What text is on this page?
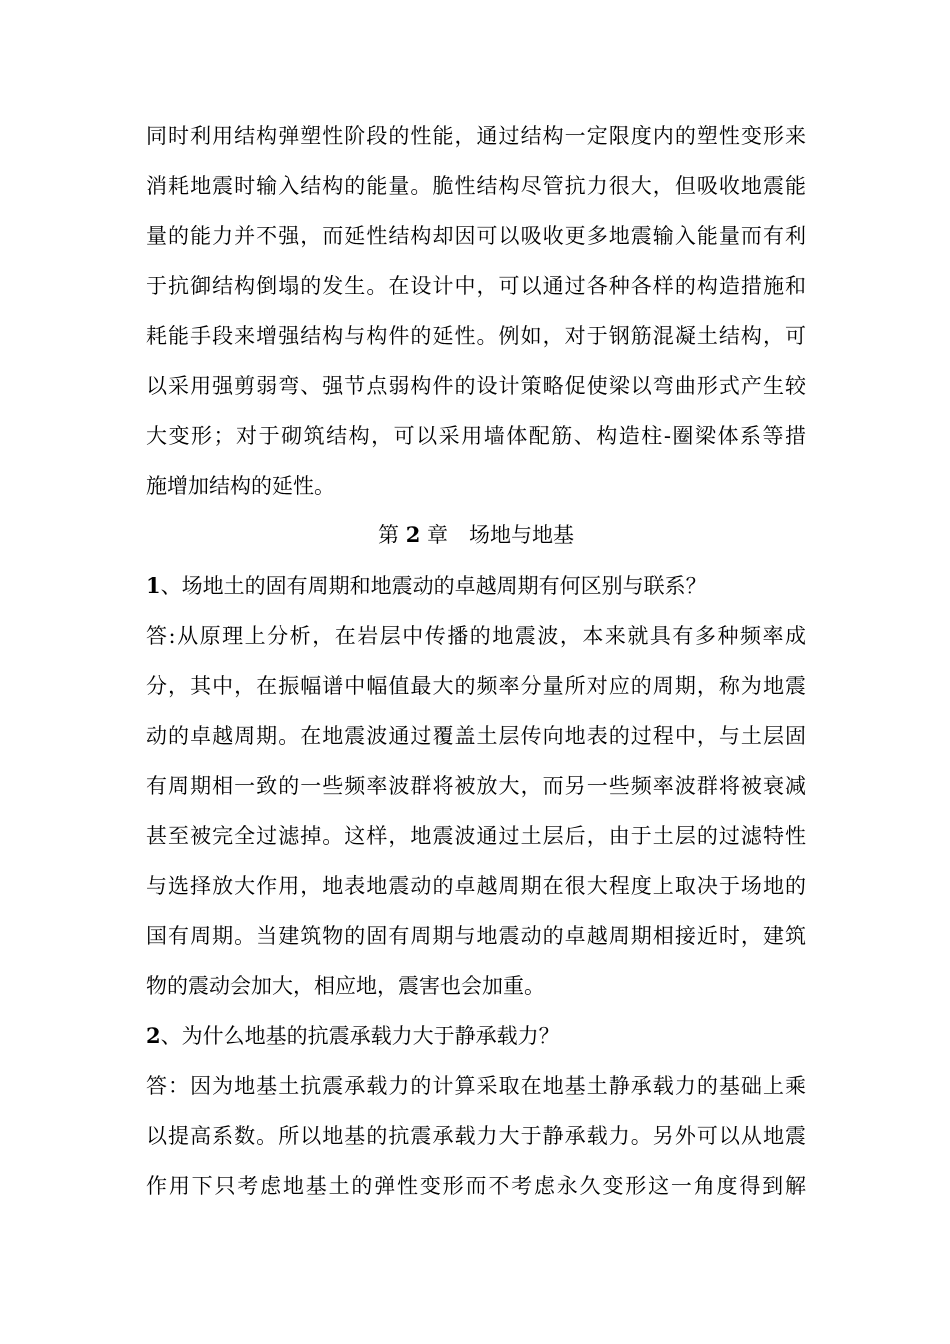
同时利用结构弹塑性阶段的性能，通过结构一定限度内的塑性变形来
消耗地震时输入结构的能量。脆性结构尽管抗力很大，但吸收地震能
量的能力并不强，而延性结构却因可以吸收更多地震输入能量而有利
于抗御结构倒塌的发生。在设计中，可以通过各种各样的构造措施和
耗能手段来增强结构与构件的延性。例如，对于钢筋混凝土结构，可
以采用强剪弱弯、强节点弱构件的设计策略促使梁以弯曲形式产生较
大变形；对于砌筑结构，可以采用墙体配筋、构造柱-圈梁体系等措
施增加结构的延性。
第 2 章　场地与地基
1、场地土的固有周期和地震动的卓越周期有何区别与联系？
答:从原理上分析，在岩层中传播的地震波，本来就具有多种频率成
分，其中，在振幅谱中幅值最大的频率分量所对应的周期，称为地震
动的卓越周期。在地震波通过覆盖土层传向地表的过程中，与土层固
有周期相一致的一些频率波群将被放大，而另一些频率波群将被衰减
甚至被完全过滤掉。这样，地震波通过土层后，由于土层的过滤特性
与选择放大作用，地表地震动的卓越周期在很大程度上取决于场地的
国有周期。当建筑物的固有周期与地震动的卓越周期相接近时，建筑
物的震动会加大，相应地，震害也会加重。
2、为什么地基的抗震承载力大于静承载力？
答：因为地基土抗震承载力的计算采取在地基土静承载力的基础上乘
以提高系数。所以地基的抗震承载力大于静承载力。另外可以从地震
作用下只考虑地基土的弹性变形而不考虑永久变形这一角度得到解
